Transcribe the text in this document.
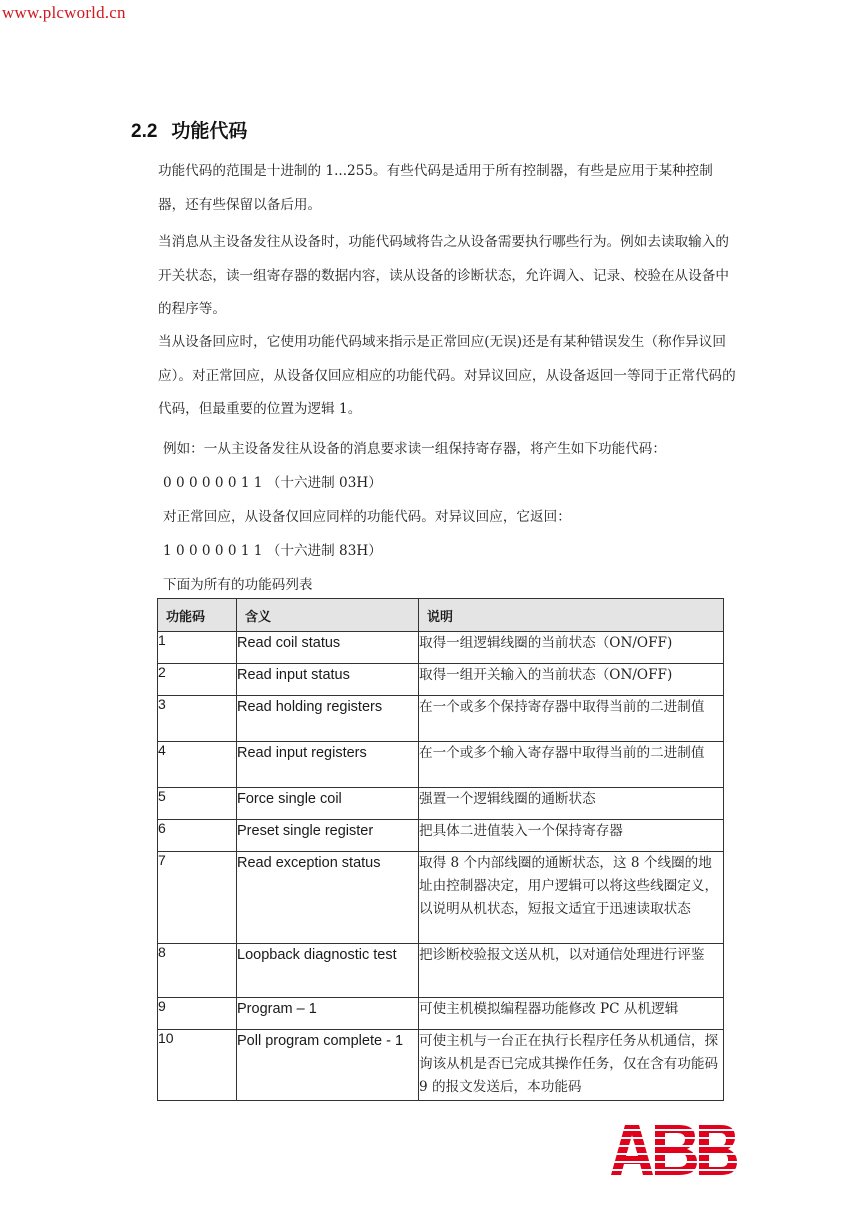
www.plcworld.cn
2.2 功能代码

功能代码的范围是十进制的 1...255。有些代码是适用于所有控制器，有些是应用于某种控制器，还有些保留以备后用。

当消息从主设备发往从设备时，功能代码域将告之从设备需要执行哪些行为。例如去读取输入的开关状态，读一组寄存器的数据内容，读从设备的诊断状态，允许调入、记录、校验在从设备中的程序等。

当从设备回应时，它使用功能代码域来指示是正常回应(无误)还是有某种错误发生（称作异议回应）。对正常回应，从设备仅回应相应的功能代码。对异议回应，从设备返回一等同于正常代码的代码，但最重要的位置为逻辑 1。

例如：一从主设备发往从设备的消息要求读一组保持寄存器，将产生如下功能代码：
0 0 0 0 0 0 1 1 （十六进制 03H）
对正常回应，从设备仅回应同样的功能代码。对异议回应，它返回：
1 0 0 0 0 0 1 1 （十六进制 83H）
下面为所有的功能码列表
功能码	含义	说明
1	Read coil status	取得一组逻辑线圈的当前状态（ON/OFF)
2	Read input status	取得一组开关输入的当前状态（ON/OFF)
3	Read holding registers	在一个或多个保持寄存器中取得当前的二进制值
4	Read input registers	在一个或多个输入寄存器中取得当前的二进制值
5	Force single coil	强置一个逻辑线圈的通断状态
6	Preset single register	把具体二进值装入一个保持寄存器
7	Read exception status	取得 8 个内部线圈的通断状态，这 8 个线圈的地址由控制器决定，用户逻辑可以将这些线圈定义，以说明从机状态，短报文适宜于迅速读取状态
8	Loopback diagnostic test	把诊断校验报文送从机，以对通信处理进行评鉴
9	Program – 1	可使主机模拟编程器功能修改 PC 从机逻辑
10	Poll program complete - 1	可使主机与一台正在执行长程序任务从机通信，探询该从机是否已完成其操作任务，仅在含有功能码 9 的报文发送后，本功能码
